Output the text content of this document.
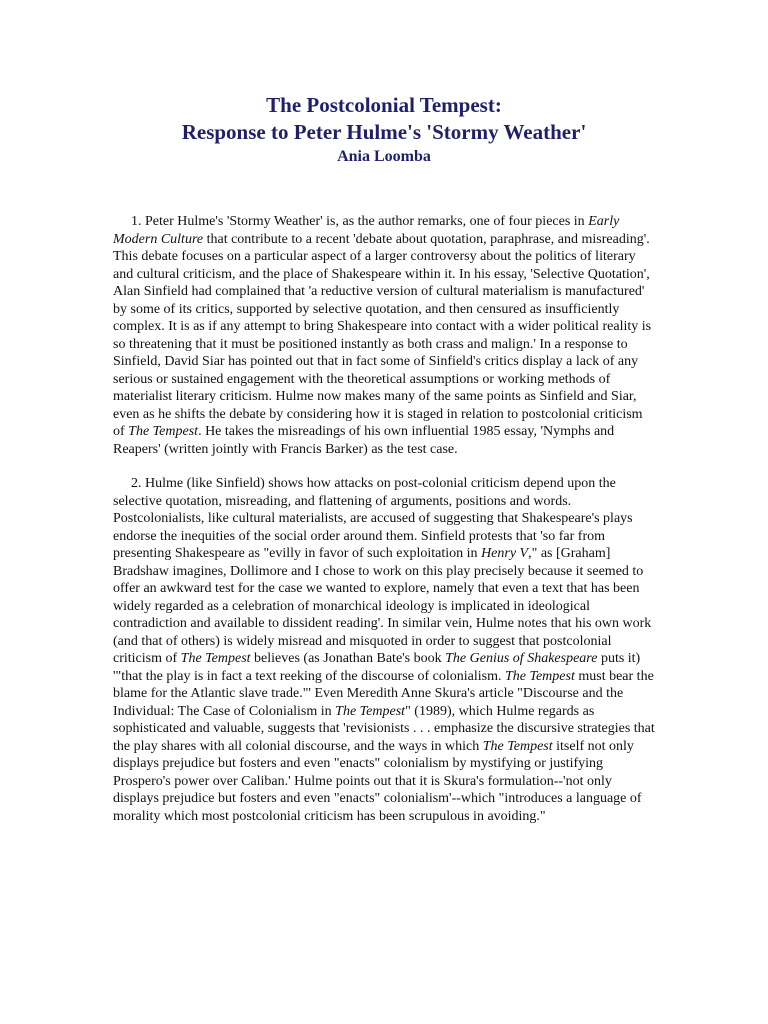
The Postcolonial Tempest:

Response to Peter Hulme's 'Stormy Weather'

Ania Loomba

1. Peter Hulme's 'Stormy Weather' is, as the author remarks, one of four pieces in Early Modern Culture that contribute to a recent 'debate about quotation, paraphrase, and misreading'. This debate focuses on a particular aspect of a larger controversy about the politics of literary and cultural criticism, and the place of Shakespeare within it. In his essay, 'Selective Quotation', Alan Sinfield had complained that 'a reductive version of cultural materialism is manufactured' by some of its critics, supported by selective quotation, and then censured as insufficiently complex. It is as if any attempt to bring Shakespeare into contact with a wider political reality is so threatening that it must be positioned instantly as both crass and malign.' In a response to Sinfield, David Siar has pointed out that in fact some of Sinfield's critics display a lack of any serious or sustained engagement with the theoretical assumptions or working methods of materialist literary criticism. Hulme now makes many of the same points as Sinfield and Siar, even as he shifts the debate by considering how it is staged in relation to postcolonial criticism of The Tempest. He takes the misreadings of his own influential 1985 essay, 'Nymphs and Reapers' (written jointly with Francis Barker) as the test case.

2. Hulme (like Sinfield) shows how attacks on post-colonial criticism depend upon the selective quotation, misreading, and flattening of arguments, positions and words. Postcolonialists, like cultural materialists, are accused of suggesting that Shakespeare's plays endorse the inequities of the social order around them. Sinfield protests that 'so far from presenting Shakespeare as "evilly in favor of such exploitation in Henry V," as [Graham] Bradshaw imagines, Dollimore and I chose to work on this play precisely because it seemed to offer an awkward test for the case we wanted to explore, namely that even a text that has been widely regarded as a celebration of monarchical ideology is implicated in ideological contradiction and available to dissident reading'. In similar vein, Hulme notes that his own work (and that of others) is widely misread and misquoted in order to suggest that postcolonial criticism of The Tempest believes (as Jonathan Bate's book The Genius of Shakespeare puts it) '"that the play is in fact a text reeking of the discourse of colonialism. The Tempest must bear the blame for the Atlantic slave trade."' Even Meredith Anne Skura's article "Discourse and the Individual: The Case of Colonialism in The Tempest" (1989), which Hulme regards as sophisticated and valuable, suggests that 'revisionists . . . emphasize the discursive strategies that the play shares with all colonial discourse, and the ways in which The Tempest itself not only displays prejudice but fosters and even "enacts" colonialism by mystifying or justifying Prospero's power over Caliban.' Hulme points out that it is Skura's formulation--'not only displays prejudice but fosters and even "enacts" colonialism'--which "introduces a language of morality which most postcolonial criticism has been scrupulous in avoiding."
